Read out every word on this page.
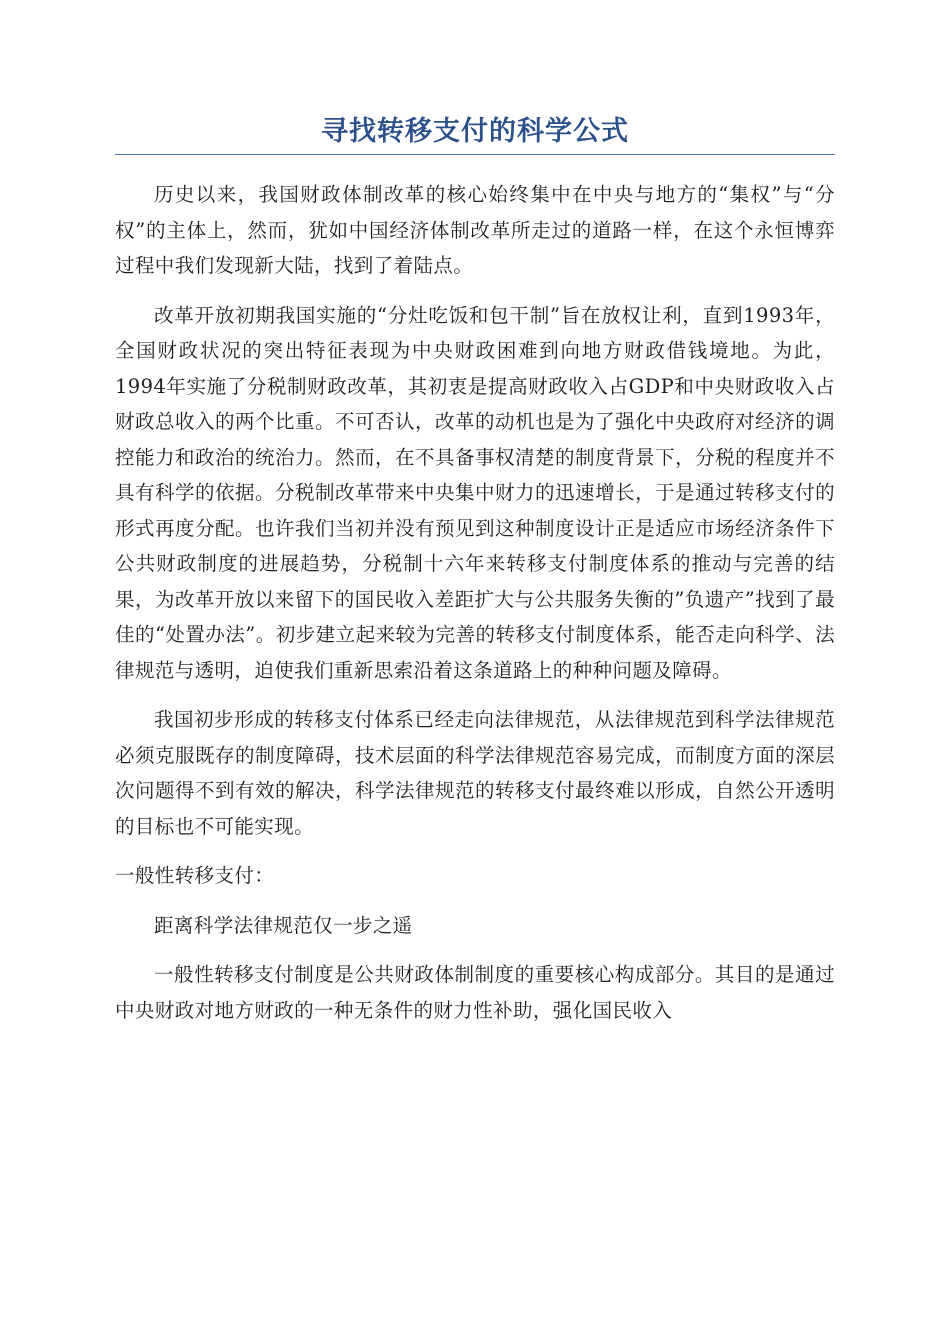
寻找转移支付的科学公式

历史以来，我国财政体制改革的核心始终集中在中央与地方的“集权”与“分权”的主体上，然而，犹如中国经济体制改革所走过的道路一样，在这个永恒博弈过程中我们发现新大陆，找到了着陆点。

改革开放初期我国实施的“分灶吃饭和包干制”旨在放权让利，直到1993年，全国财政状况的突出特征表现为中央财政困难到向地方财政借钱境地。为此，1994年实施了分税制财政改革，其初衷是提高财政收入占GDP和中央财政收入占财政总收入的两个比重。不可否认，改革的动机也是为了强化中央政府对经济的调控能力和政治的统治力。然而，在不具备事权清楚的制度背景下，分税的程度并不具有科学的依据。分税制改革带来中央集中财力的迅速增长，于是通过转移支付的形式再度分配。也许我们当初并没有预见到这种制度设计正是适应市场经济条件下公共财政制度的进展趋势，分税制十六年来转移支付制度体系的推动与完善的结果，为改革开放以来留下的国民收入差距扩大与公共服务失衡的”负遗产”找到了最佳的“处置办法”。初步建立起来较为完善的转移支付制度体系，能否走向科学、法律规范与透明，迫使我们重新思索沿着这条道路上的种种问题及障碍。

我国初步形成的转移支付体系已经走向法律规范，从法律规范到科学法律规范必须克服既存的制度障碍，技术层面的科学法律规范容易完成，而制度方面的深层次问题得不到有效的解决，科学法律规范的转移支付最终难以形成，自然公开透明的目标也不可能实现。

一般性转移支付：

距离科学法律规范仅一步之遥

一般性转移支付制度是公共财政体制制度的重要核心构成部分。其目的是通过中央财政对地方财政的一种无条件的财力性补助，强化国民收入
